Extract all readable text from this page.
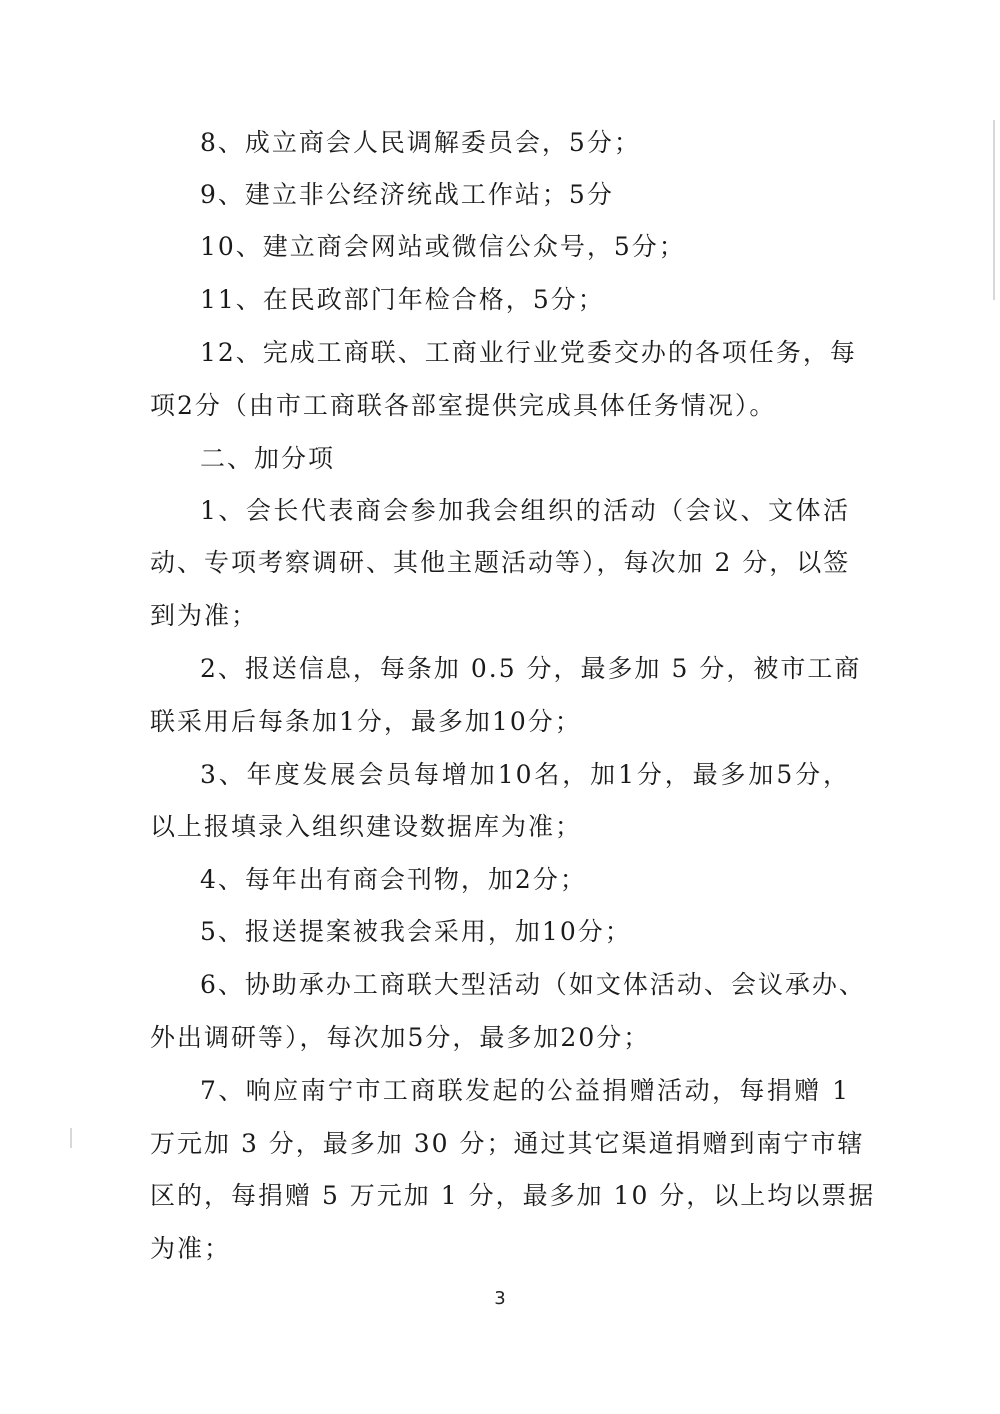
8、成立商会人民调解委员会，5分；
9、建立非公经济统战工作站；5分
10、建立商会网站或微信公众号，5分；
11、在民政部门年检合格，5分；
12、完成工商联、工商业行业党委交办的各项任务，每
项2分（由市工商联各部室提供完成具体任务情况）。
二、加分项
1、会长代表商会参加我会组织的活动（会议、文体活
动、专项考察调研、其他主题活动等），每次加 2 分，以签
到为准；
2、报送信息，每条加 0.5 分，最多加 5 分，被市工商
联采用后每条加1分，最多加10分；
3、年度发展会员每增加10名，加1分，最多加5分，
以上报填录入组织建设数据库为准；
4、每年出有商会刊物，加2分；
5、报送提案被我会采用，加10分；
6、协助承办工商联大型活动（如文体活动、会议承办、
外出调研等），每次加5分，最多加20分；
7、响应南宁市工商联发起的公益捐赠活动，每捐赠 1
万元加 3 分，最多加 30 分；通过其它渠道捐赠到南宁市辖
区的，每捐赠 5 万元加 1 分，最多加 10 分，以上均以票据
为准；
3
